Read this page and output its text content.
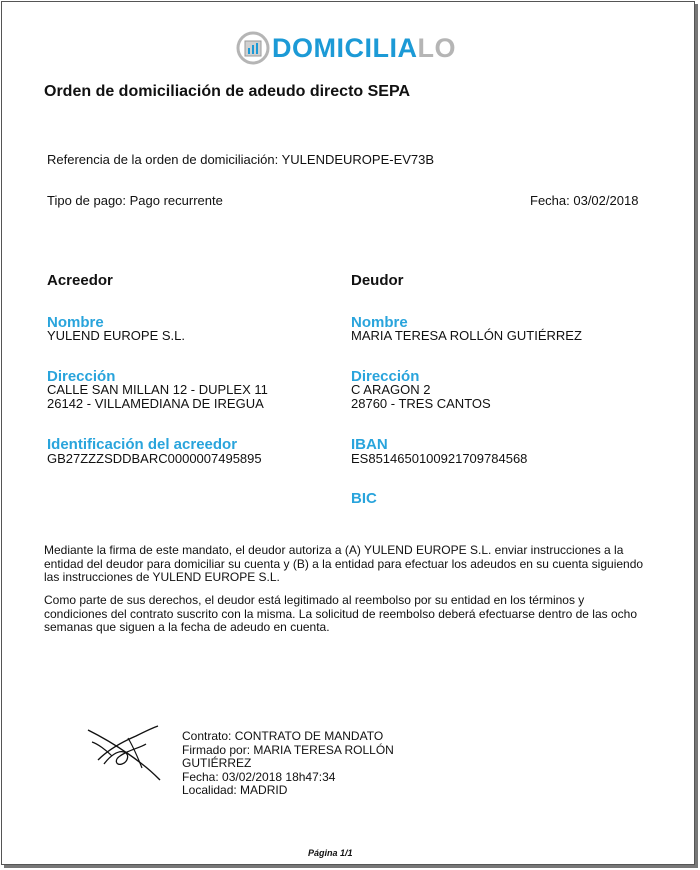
DOMICILIALO
Orden de domiciliación de adeudo directo SEPA
Referencia de la orden de domiciliación: YULENDEUROPE-EV73B
Tipo de pago: Pago recurrente	Fecha: 03/02/2018
Acreedor
Nombre
YULEND EUROPE S.L.
Dirección
CALLE SAN MILLAN 12 - DUPLEX 11
26142 - VILLAMEDIANA DE IREGUA
Identificación del acreedor
GB27ZZZSDDBARC0000007495895
Deudor
Nombre
MARIA TERESA ROLLÓN GUTIÉRREZ
Dirección
C ARAGON 2
28760 - TRES CANTOS
IBAN
ES8514650100921709784568
BIC
Mediante la firma de este mandato, el deudor autoriza a (A) YULEND EUROPE S.L. enviar instrucciones a la entidad del deudor para domiciliar su cuenta y (B) a la entidad para efectuar los adeudos en su cuenta siguiendo las instrucciones de YULEND EUROPE S.L.
Como parte de sus derechos, el deudor está legitimado al reembolso por su entidad en los términos y condiciones del contrato suscrito con la misma. La solicitud de reembolso deberá efectuarse dentro de las ocho semanas que siguen a la fecha de adeudo en cuenta.
Contrato: CONTRATO DE MANDATO
Firmado por: MARIA TERESA ROLLÓN GUTIÉRREZ
Fecha: 03/02/2018 18h47:34
Localidad: MADRID
Página 1/1
